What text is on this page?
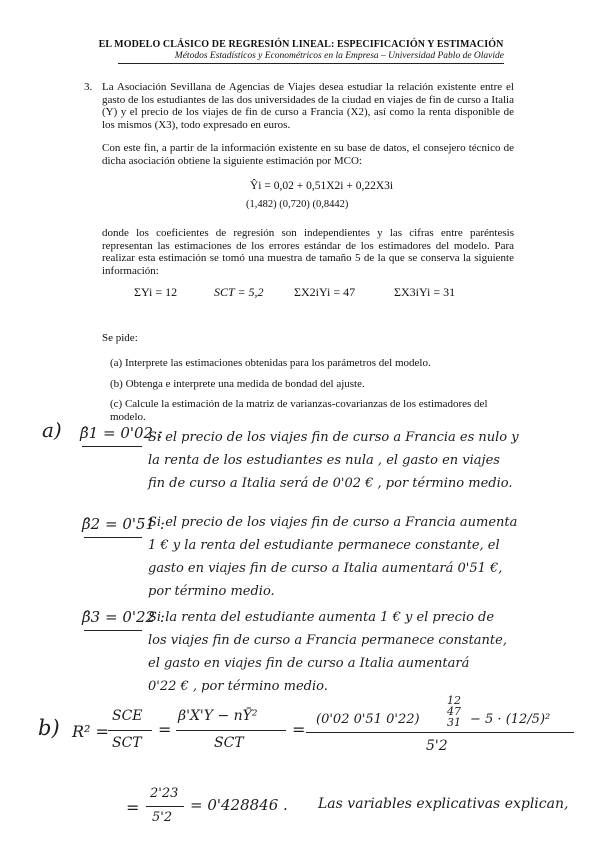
EL MODELO CLÁSICO DE REGRESIÓN LINEAL: ESPECIFICACIÓN Y ESTIMACIÓN
Métodos Estadísticos y Econométricos en la Empresa – Universidad Pablo de Olavide
3. La Asociación Sevillana de Agencias de Viajes desea estudiar la relación existente entre el gasto de los estudiantes de las dos universidades de la ciudad en viajes de fin de curso a Italia (Y) y el precio de los viajes de fin de curso a Francia (X2), así como la renta disponible de los mismos (X3), todo expresado en euros.
Con este fin, a partir de la información existente en su base de datos, el consejero técnico de dicha asociación obtiene la siguiente estimación por MCO:
Ŷi = 0,02 + 0,51X2i + 0,22X3i
(1,482) (0,720) (0,8442)
donde los coeficientes de regresión son independientes y las cifras entre paréntesis representan las estimaciones de los errores estándar de los estimadores del modelo. Para realizar esta estimación se tomó una muestra de tamaño 5 de la que se conserva la siguiente información:
ΣYi = 12	SCT = 5,2	ΣX2iYi = 47	ΣX3iYi = 31
Se pide:
(a) Interprete las estimaciones obtenidas para los parámetros del modelo.
(b) Obtenga e interprete una medida de bondad del ajuste.
(c) Calcule la estimación de la matriz de varianzas-covarianzas de los estimadores del modelo.
a) β̂1 = 0'02 :
Si el precio de los viajes fin de curso a Francia es nulo y
la renta de los estudiantes es nula , el gasto en viajes
fin de curso a Italia será de 0'02 € , por término medio.
β̂2 = 0'51 :
Si el precio de los viajes fin de curso a Francia aumenta
1 € y la renta del estudiante permanece constante, el
gasto en viajes fin de curso a Italia aumentará 0'51 €,
por término medio.
β̂3 = 0'22 :
Si la renta del estudiante aumenta 1 € y el precio de
los viajes fin de curso a Francia permanece constante,
el gasto en viajes fin de curso a Italia aumentará
0'22 € , por término medio.
b) R² =
SCE
SCT
=
β'X'Y − nȲ²
SCT
=
(0'02 0'51 0'22)
12
47
31 − 5 · (12/5)²
5'2
=
2'23
5'2
= 0'428846 . Las variables explicativas explican,
